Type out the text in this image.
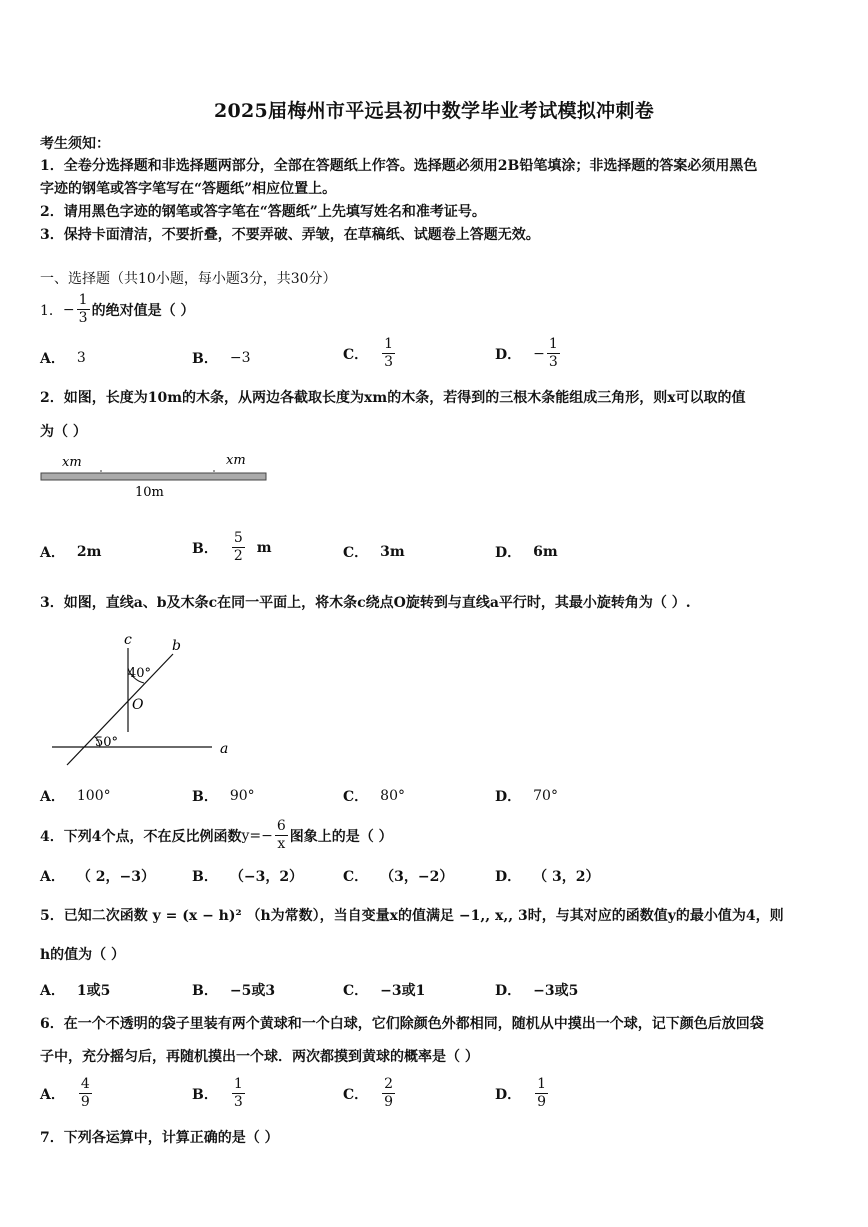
2025届梅州市平远县初中数学毕业考试模拟冲刺卷
考生须知：
1．全卷分选择题和非选择题两部分，全部在答题纸上作答。选择题必须用2B铅笔填涂；非选择题的答案必须用黑色
字迹的钢笔或答字笔写在“答题纸”相应位置上。
2．请用黑色字迹的钢笔或答字笔在“答题纸”上先填写姓名和准考证号。
3．保持卡面清洁，不要折叠，不要弄破、弄皱，在草稿纸、试题卷上答题无效。
一、选择题（共10小题，每小题3分，共30分）
1． − $\frac{1}{3}$ 的绝对值是（ ）
A． 3	B． −3	C． $\frac{1}{3}$	D． − $\frac{1}{3}$
2．如图，长度为10m的木条，从两边各截取长度为xm的木条，若得到的三根木条能组成三角形，则x可以取的值
为（ ）
xm	xm
10m
A． 2m	B． $\frac{5}{2}$ m	C． 3m	D． 6m
3．如图，直线a、b及木条c在同一平面上，将木条c绕点O旋转到与直线a平行时，其最小旋转角为（ ）.
c	b
a
O
40°
50°
A． 100°	B． 90°	C． 80°	D． 70°
4．下列4个点，不在反比例函数 $y=- \frac{6}{x}$ 图象上的是（ ）
A． （ 2，−3）	B． （−3，2）	C． （3，−2）	D． （ 3，2）
5．已知二次函数 y = (x − h)² （h为常数），当自变量x的值满足 −1,, x,, 3时，与其对应的函数值y的最小值为4，则
h的值为（ ）
A． 1或5	B． −5或3	C． −3或1	D． −3或5
6．在一个不透明的袋子里装有两个黄球和一个白球，它们除颜色外都相同，随机从中摸出一个球，记下颜色后放回袋
子中，充分摇匀后，再随机摸出一个球．两次都摸到黄球的概率是（ ）
A． $\frac{4}{9}$	B． $\frac{1}{3}$	C． $\frac{2}{9}$	D． $\frac{1}{9}$
7．下列各运算中，计算正确的是（ ）
